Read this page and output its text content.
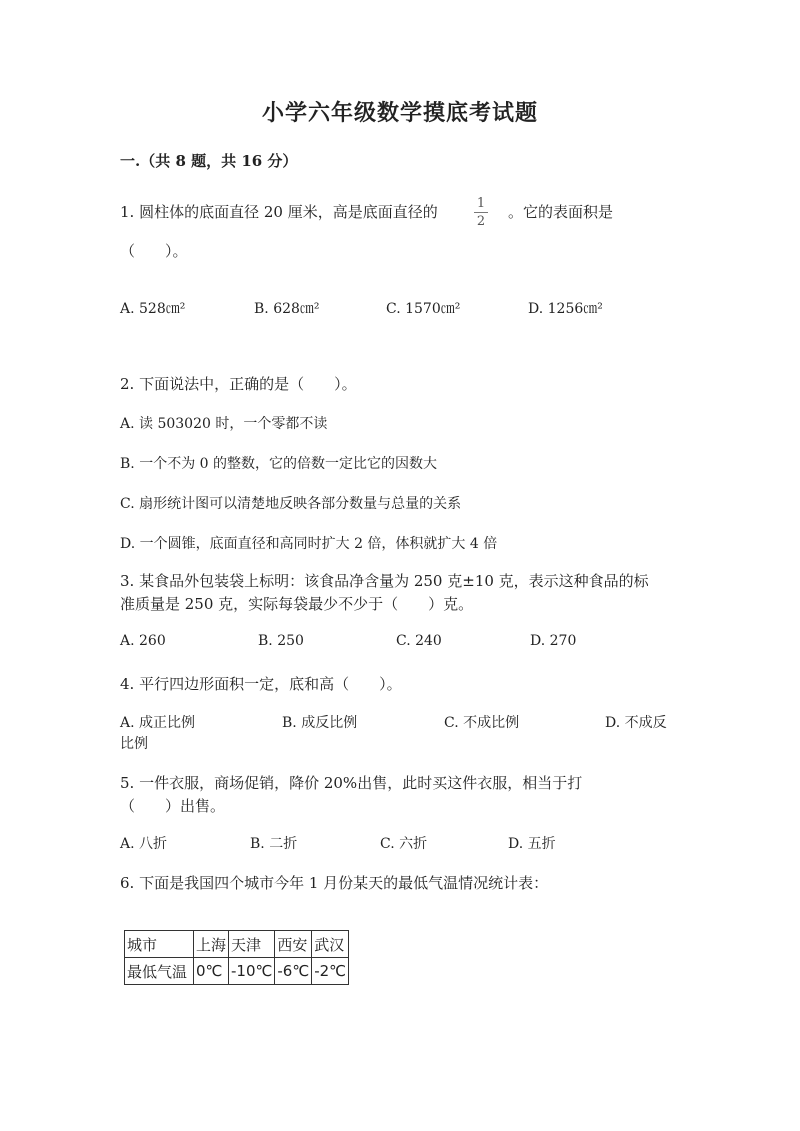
小学六年级数学摸底考试题
一.（共 8 题，共 16 分）
1. 圆柱体的底面直径 20 厘米，高是底面直径的	1
2
。它的表面积是
（　　）。
A. 528㎝²	B. 628㎝²	C. 1570㎝²	D. 1256㎝²
2. 下面说法中，正确的是（　　）。
A. 读 503020 时，一个零都不读
B. 一个不为 0 的整数，它的倍数一定比它的因数大
C. 扇形统计图可以清楚地反映各部分数量与总量的关系
D. 一个圆锥，底面直径和高同时扩大 2 倍，体积就扩大 4 倍
3. 某食品外包装袋上标明：该食品净含量为 250 克±10 克，表示这种食品的标
准质量是 250 克，实际每袋最少不少于（　　）克。
A. 260	B. 250	C. 240	D. 270
4. 平行四边形面积一定，底和高（　　）。
A. 成正比例	B. 成反比例	C. 不成比例	D. 不成反
比例
5. 一件衣服，商场促销，降价 20%出售，此时买这件衣服，相当于打
（　　）出售。
A. 八折	B. 二折	C. 六折	D. 五折
6. 下面是我国四个城市今年 1 月份某天的最低气温情况统计表：
城市	上海	天津	西安	武汉
最低气温	0℃	-10℃	-6℃	-2℃
